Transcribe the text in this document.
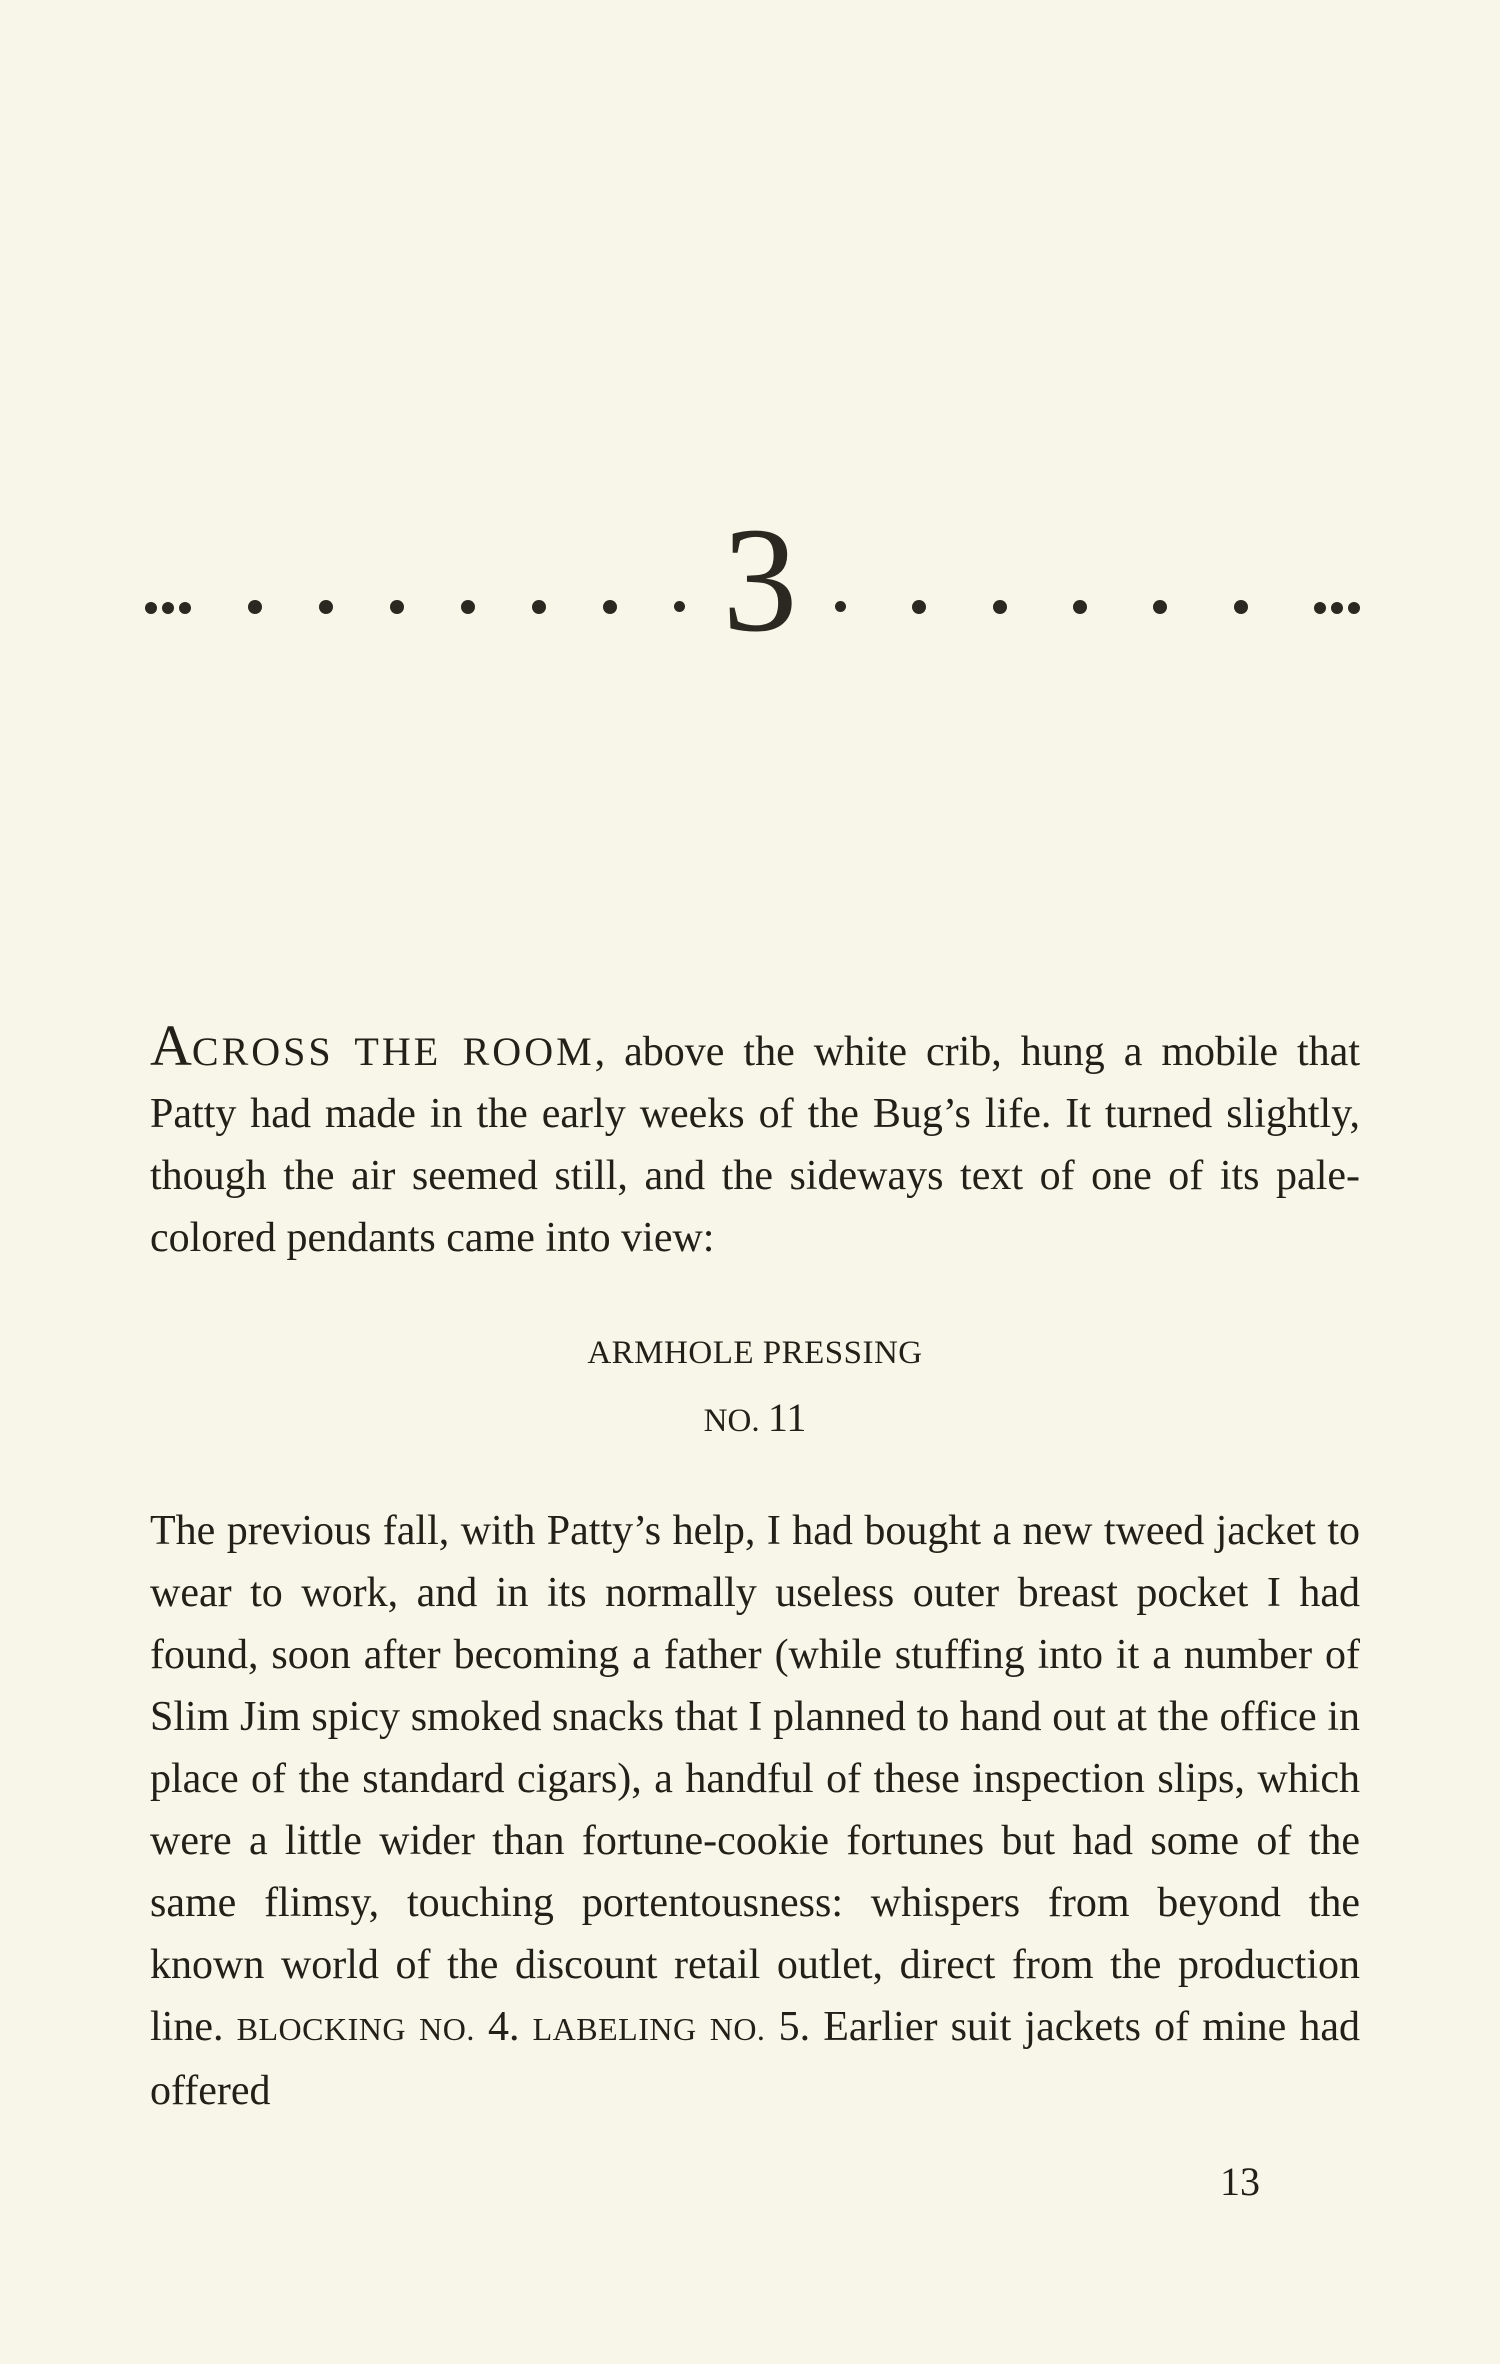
3

ACROSS THE ROOM, above the white crib, hung a mobile that Patty had made in the early weeks of the Bug’s life. It turned slightly, though the air seemed still, and the sideways text of one of its pale-colored pendants came into view:

ARMHOLE PRESSING
NO. 11

The previous fall, with Patty’s help, I had bought a new tweed jacket to wear to work, and in its normally useless outer breast pocket I had found, soon after becoming a father (while stuffing into it a number of Slim Jim spicy smoked snacks that I planned to hand out at the office in place of the standard cigars), a handful of these inspection slips, which were a little wider than fortune-cookie fortunes but had some of the same flimsy, touching portentousness: whispers from beyond the known world of the discount retail outlet, direct from the production line. BLOCKING NO. 4. LABELING NO. 5. Earlier suit jackets of mine had offered

13
